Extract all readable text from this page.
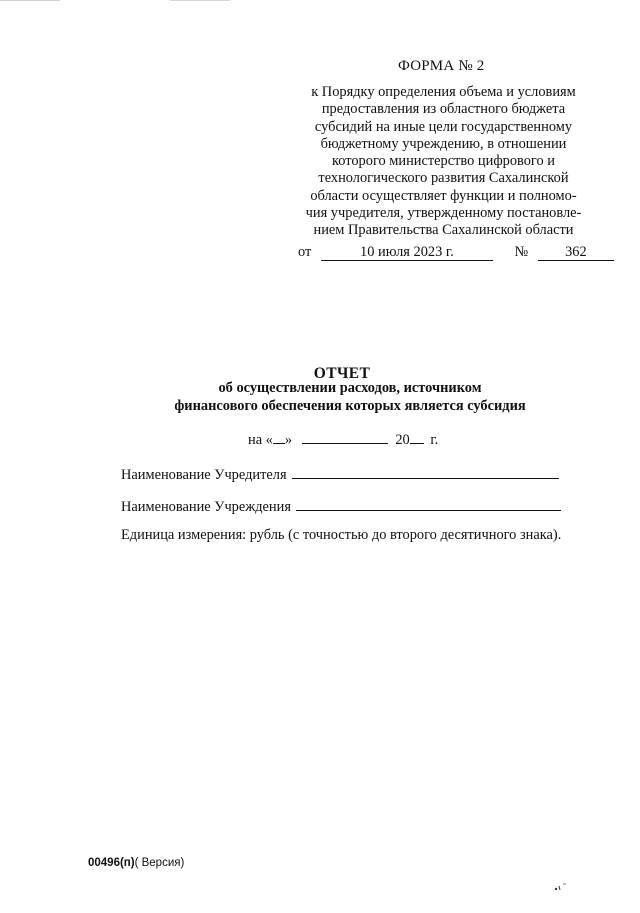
ФОРМА № 2
к Порядку определения объема и условиям
предоставления из областного бюджета
субсидий на иные цели государственному
бюджетному учреждению, в отношении
которого министерство цифрового и
технологического развития Сахалинской
области осуществляет функции и полномо-
чия учредителя, утвержденному постановле-
нием Правительства Сахалинской области
от	10 июля 2023 г.	№	362
ОТЧЕТ
об осуществлении расходов, источником
финансового обеспечения которых является субсидия
на « »	20 г.
Наименование Учредителя
Наименование Учреждения
Единица измерения: рубль (с точностью до второго десятичного знака).
00496(п)( Версия)
